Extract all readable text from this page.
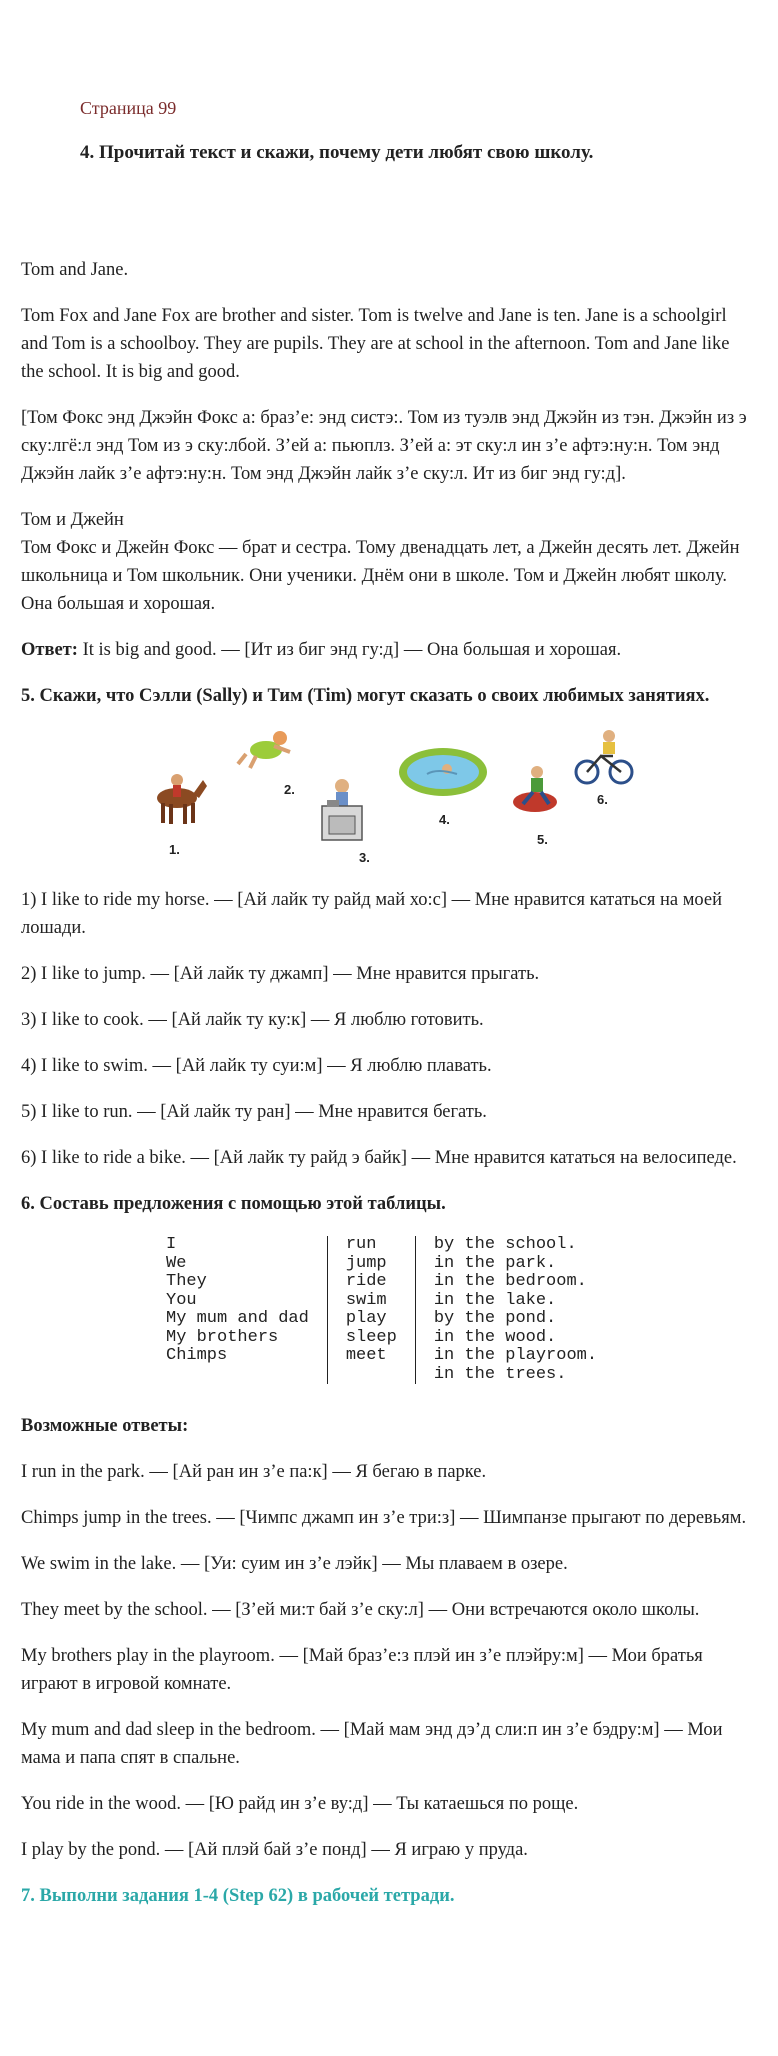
Страница 99
4. Прочитай текст и скажи, почему дети любят свою школу.

Tom and Jane.

Tom Fox and Jane Fox are brother and sister. Tom is twelve and Jane is ten. Jane is a schoolgirl and Tom is a schoolboy. They are pupils. They are at school in the afternoon. Tom and Jane like the school. It is big and good.

[Том Фокс энд Джэйн Фокс а: браз’е: энд систэ:. Том из туэлв энд Джэйн из тэн. Джэйн из э ску:лгё:л энд Том из э ску:лбой. З’ей а: пьюплз. З’ей а: эт ску:л ин з’е афтэ:ну:н. Том энд Джэйн лайк з’е афтэ:ну:н. Том энд Джэйн лайк з’е ску:л. Ит из биг энд гу:д].

Том и Джейн
Том Фокс и Джейн Фокс — брат и сестра. Тому двенадцать лет, а Джейн десять лет. Джейн школьница и Том школьник. Они ученики. Днём они в школе. Том и Джейн любят школу. Она большая и хорошая.

Ответ: It is big and good. — [Ит из биг энд гу:д] — Она большая и хорошая.

5. Скажи, что Сэлли (Sally) и Тим (Tim) могут сказать о своих любимых занятиях.

1.
2.
3.
4.
5.
6.

1) I like to ride my horse. — [Ай лайк ту райд май хо:с] — Мне нравится кататься на моей лошади.

2) I like to jump. — [Ай лайк ту джамп] — Мне нравится прыгать.

3) I like to cook. — [Ай лайк ту ку:к] — Я люблю готовить.

4) I like to swim. — [Ай лайк ту суи:м] — Я люблю плавать.

5) I like to run. — [Ай лайк ту ран] — Мне нравится бегать.

6) I like to ride a bike. — [Ай лайк ту райд э байк] — Мне нравится кататься на велосипеде.

6. Составь предложения с помощью этой таблицы.

I
We
They
You
My mum and dad
My brothers
Chimps
run
jump
ride
swim
play
sleep
meet
by the school.
in the park.
in the bedroom.
in the lake.
by the pond.
in the wood.
in the playroom.
in the trees.

Возможные ответы:

I run in the park. — [Ай ран ин з’е па:к] — Я бегаю в парке.

Chimps jump in the trees. — [Чимпс джамп ин з’е три:з] — Шимпанзе прыгают по деревьям.

We swim in the lake. — [Уи: суим ин з’е лэйк] — Мы плаваем в озере.

They meet by the school. — [З’ей ми:т бай з’е ску:л] — Они встречаются около школы.

My brothers play in the playroom. — [Май браз’е:з плэй ин з’е плэйру:м] — Мои братья играют в игровой комнате.

My mum and dad sleep in the bedroom. — [Май мам энд дэ’д сли:п ин з’е бэдру:м] — Мои мама и папа спят в спальне.

You ride in the wood. — [Ю райд ин з’е ву:д] — Ты катаешься по роще.

I play by the pond. — [Ай плэй бай з’е понд] — Я играю у пруда.

7. Выполни задания 1-4 (Step 62) в рабочей тетради.
